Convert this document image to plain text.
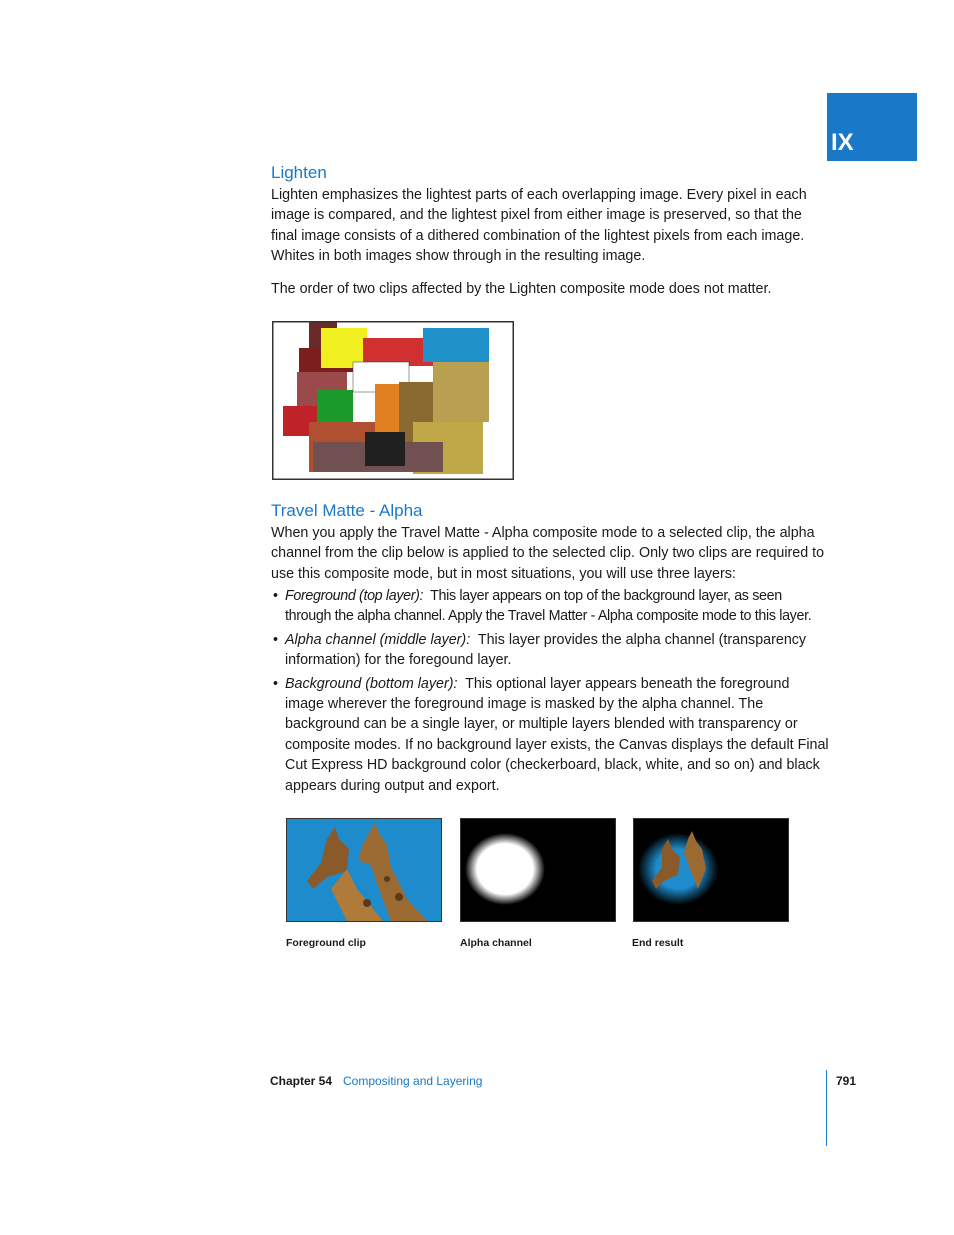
IX
Lighten

Lighten emphasizes the lightest parts of each overlapping image. Every pixel in each image is compared, and the lightest pixel from either image is preserved, so that the final image consists of a dithered combination of the lightest pixels from each image. Whites in both images show through in the resulting image.

The order of two clips affected by the Lighten composite mode does not matter.

Travel Matte - Alpha

When you apply the Travel Matte - Alpha composite mode to a selected clip, the alpha channel from the clip below is applied to the selected clip. Only two clips are required to use this composite mode, but in most situations, you will use three layers:

• Foreground (top layer): This layer appears on top of the background layer, as seen through the alpha channel. Apply the Travel Matter - Alpha composite mode to this layer.
• Alpha channel (middle layer): This layer provides the alpha channel (transparency information) for the foregound layer.
• Background (bottom layer): This optional layer appears beneath the foreground image wherever the foreground image is masked by the alpha channel. The background can be a single layer, or multiple layers blended with transparency or composite modes. If no background layer exists, the Canvas displays the default Final Cut Express HD background color (checkerboard, black, white, and so on) and black appears during output and export.
Foreground clip	Alpha channel	End result
Chapter 54 Compositing and Layering	791
